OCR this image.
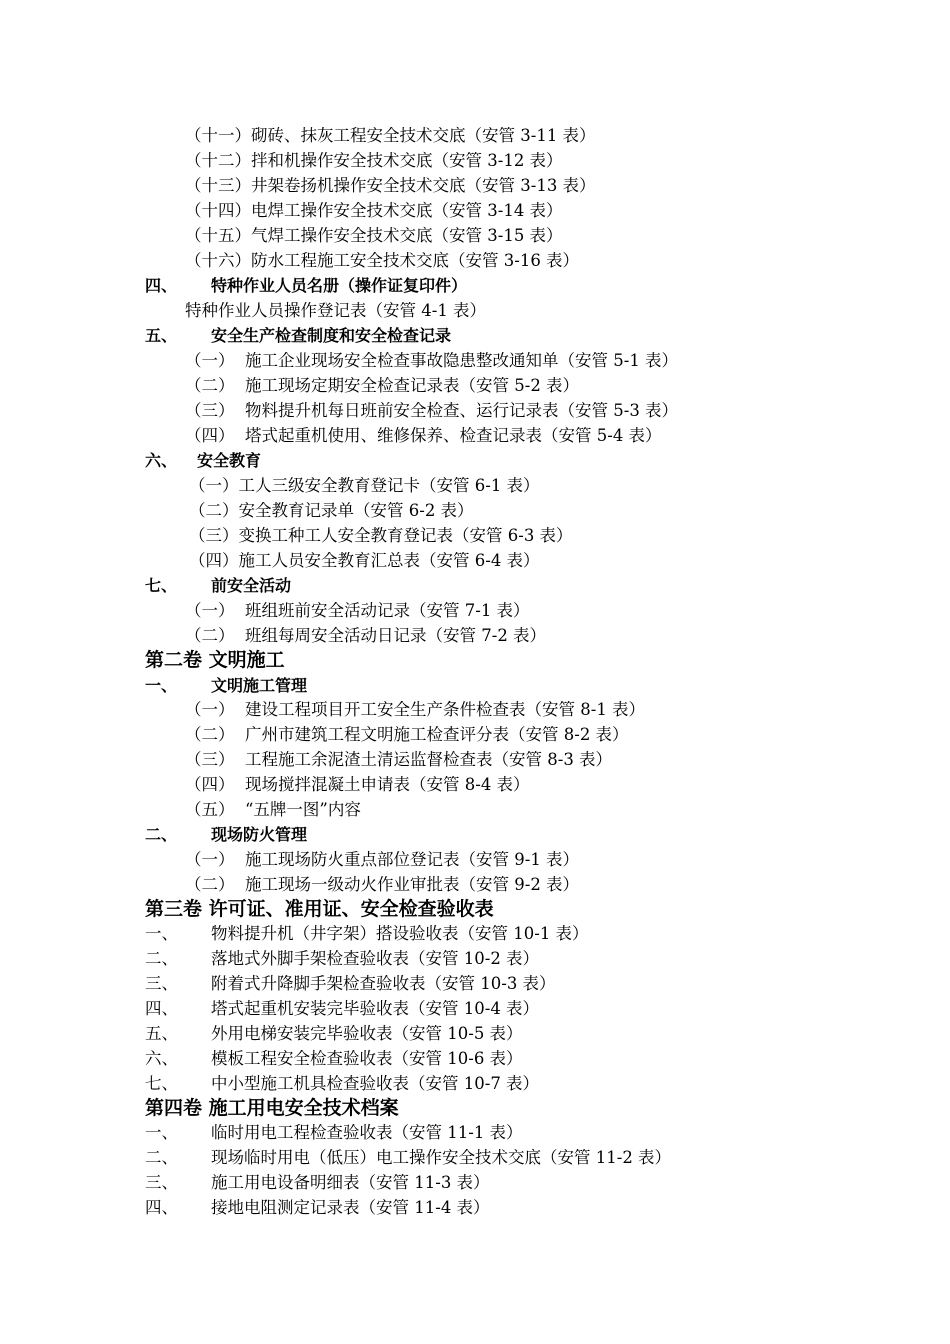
（十一）砌砖、抹灰工程安全技术交底（安管 3-11 表）
（十二）拌和机操作安全技术交底（安管 3-12 表）
（十三）井架卷扬机操作安全技术交底（安管 3-13 表）
（十四）电焊工操作安全技术交底（安管 3-14 表）
（十五）气焊工操作安全技术交底（安管 3-15 表）
（十六）防水工程施工安全技术交底（安管 3-16 表）
四、 特种作业人员名册（操作证复印件）
特种作业人员操作登记表（安管 4-1 表）
五、 安全生产检查制度和安全检查记录
（一） 施工企业现场安全检查事故隐患整改通知单（安管 5-1 表）
（二） 施工现场定期安全检查记录表（安管 5-2 表）
（三） 物料提升机每日班前安全检查、运行记录表（安管 5-3 表）
（四） 塔式起重机使用、维修保养、检查记录表（安管 5-4 表）
六、 安全教育
（一）工人三级安全教育登记卡（安管 6-1 表）
（二）安全教育记录单（安管 6-2 表）
（三）变换工种工人安全教育登记表（安管 6-3 表）
（四）施工人员安全教育汇总表（安管 6-4 表）
七、 前安全活动
（一） 班组班前安全活动记录（安管 7-1 表）
（二） 班组每周安全活动日记录（安管 7-2 表）
第二卷 文明施工
一、 文明施工管理
（一） 建设工程项目开工安全生产条件检查表（安管 8-1 表）
（二） 广州市建筑工程文明施工检查评分表（安管 8-2 表）
（三） 工程施工余泥渣土清运监督检查表（安管 8-3 表）
（四） 现场搅拌混凝土申请表（安管 8-4 表）
（五） “五牌一图”内容
二、 现场防火管理
（一） 施工现场防火重点部位登记表（安管 9-1 表）
（二） 施工现场一级动火作业审批表（安管 9-2 表）
第三卷 许可证、准用证、安全检查验收表
一、 物料提升机（井字架）搭设验收表（安管 10-1 表）
二、 落地式外脚手架检查验收表（安管 10-2 表）
三、 附着式升降脚手架检查验收表（安管 10-3 表）
四、 塔式起重机安装完毕验收表（安管 10-4 表）
五、 外用电梯安装完毕验收表（安管 10-5 表）
六、 模板工程安全检查验收表（安管 10-6 表）
七、 中小型施工机具检查验收表（安管 10-7 表）
第四卷 施工用电安全技术档案
一、 临时用电工程检查验收表（安管 11-1 表）
二、 现场临时用电（低压）电工操作安全技术交底（安管 11-2 表）
三、 施工用电设备明细表（安管 11-3 表）
四、 接地电阻测定记录表（安管 11-4 表）
